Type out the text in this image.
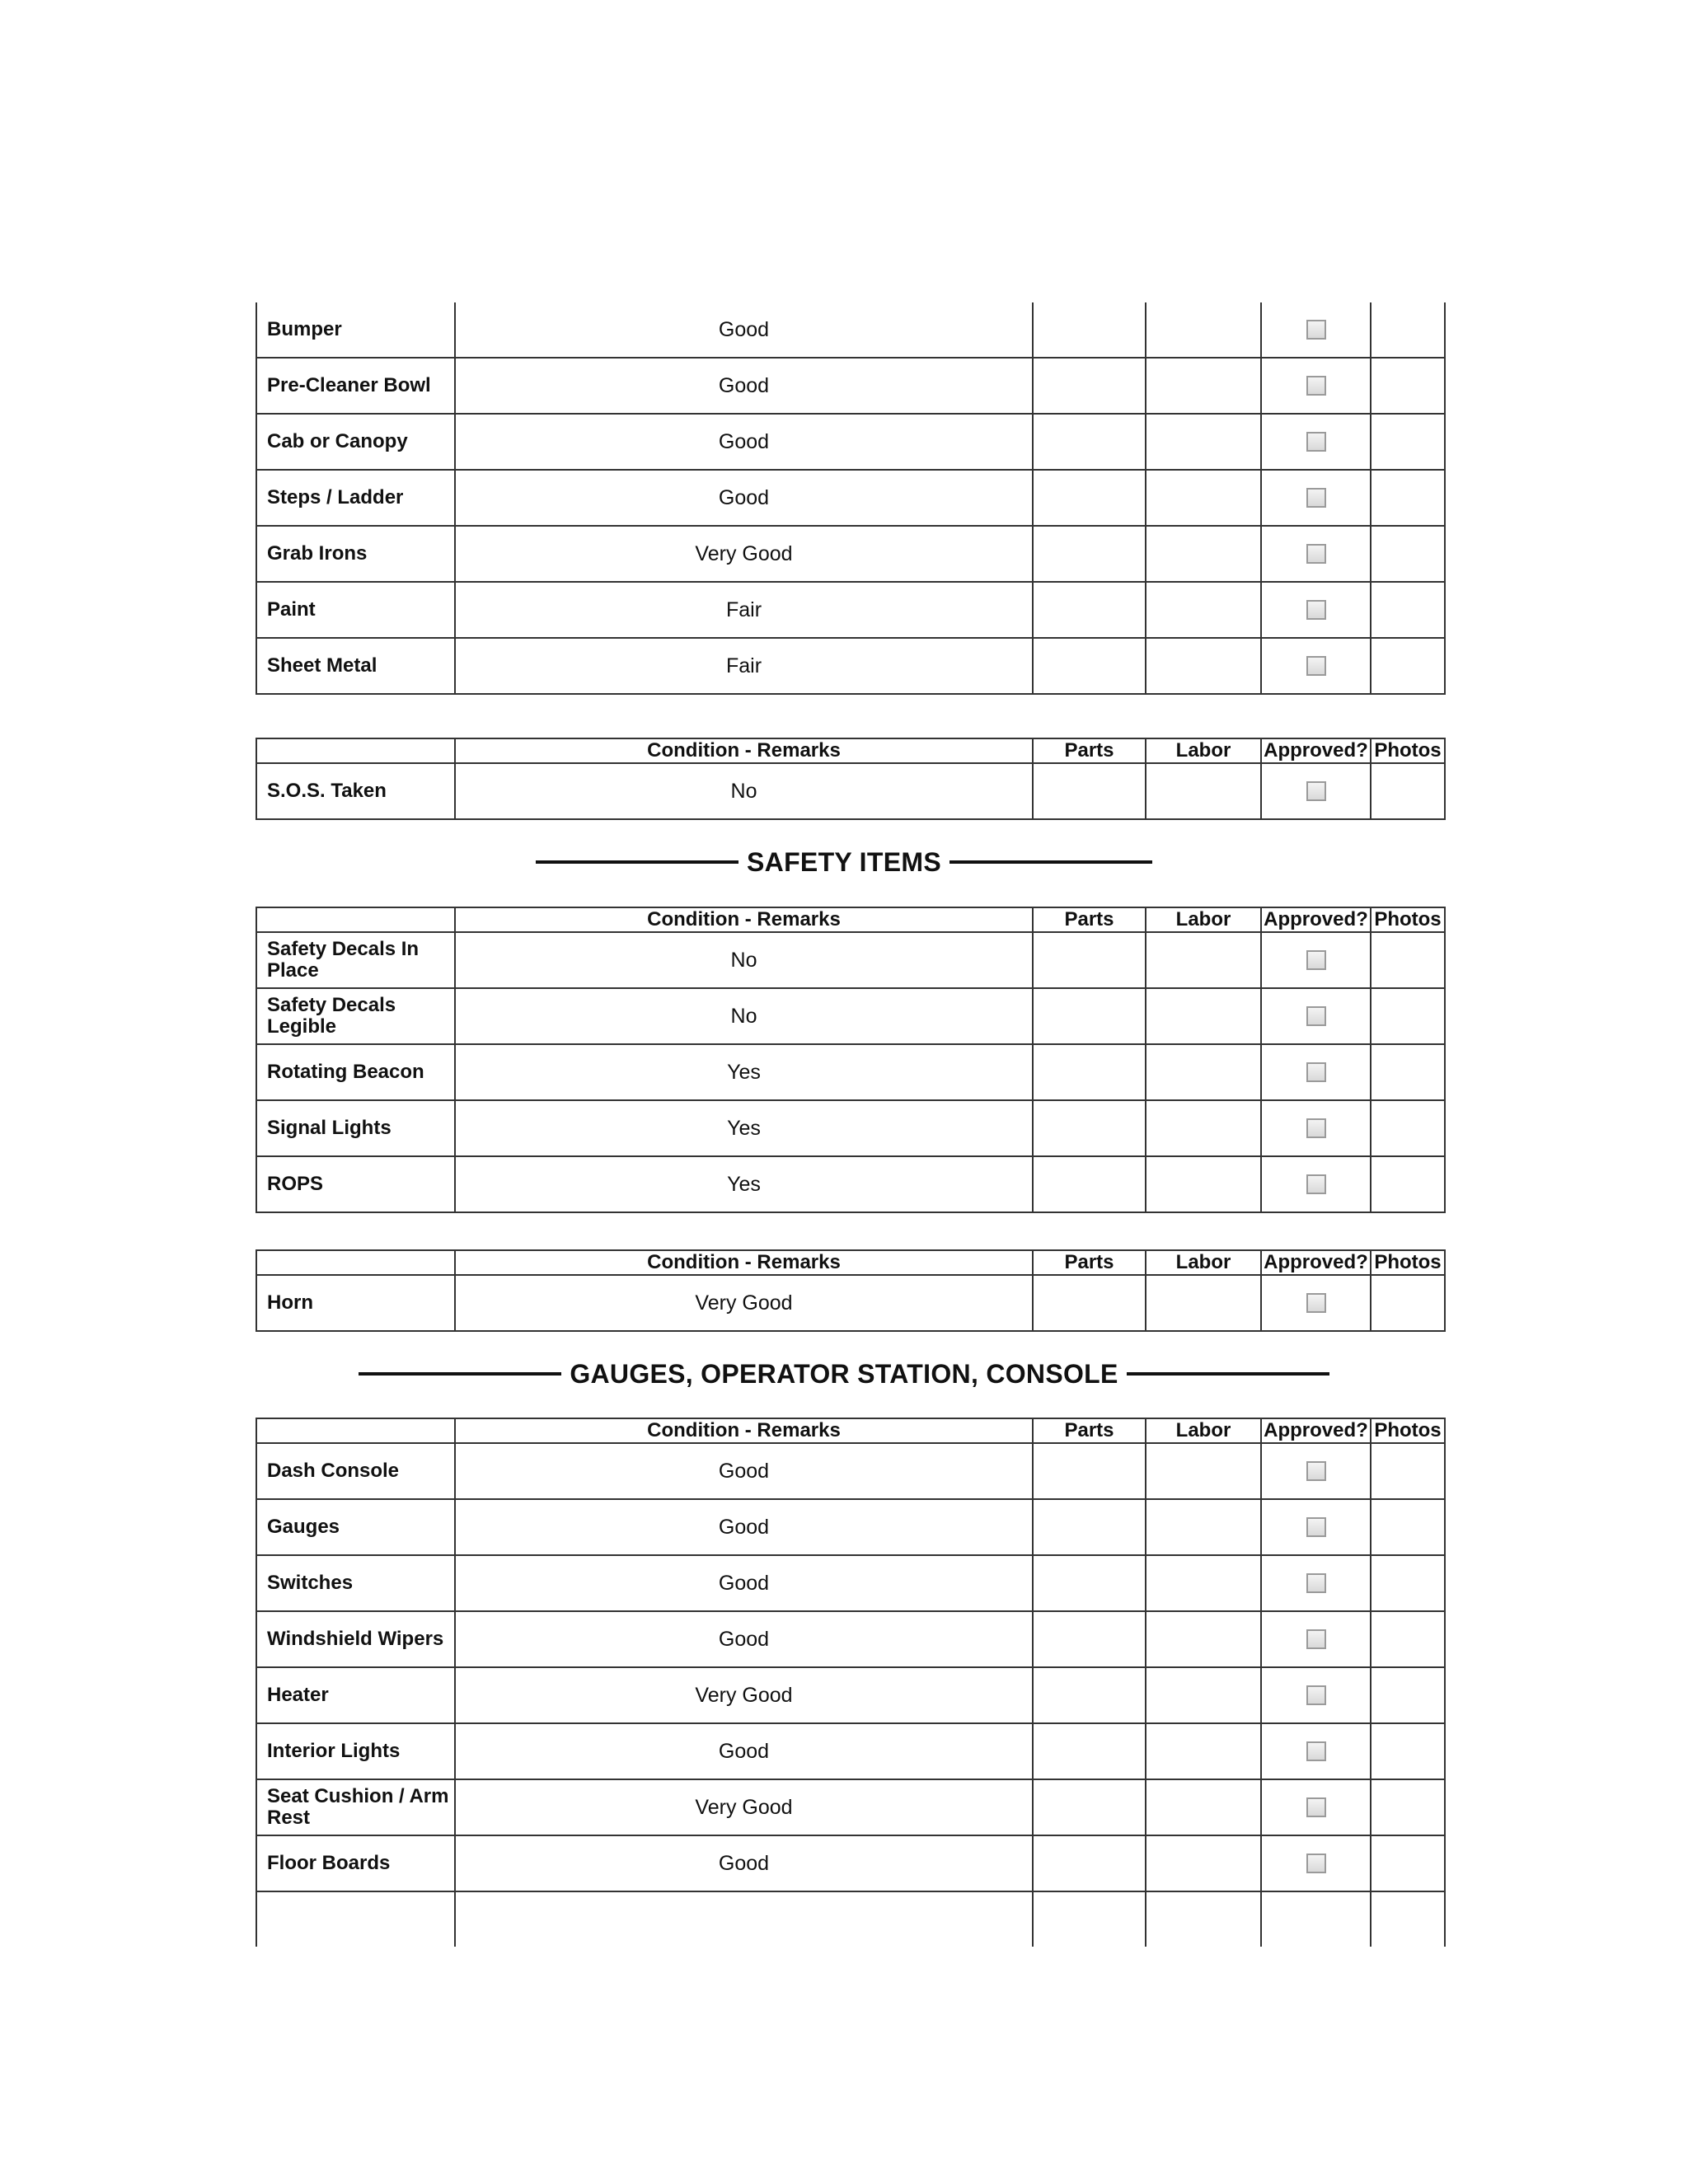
Bumper	Good				
Pre-Cleaner Bowl	Good				
Cab or Canopy	Good				
Steps / Ladder	Good				
Grab Irons	Very Good				
Paint	Fair				
Sheet Metal	Fair				
	Condition - Remarks	Parts	Labor	Approved?	Photos
S.O.S. Taken	No				
SAFETY ITEMS
	Condition - Remarks	Parts	Labor	Approved?	Photos
Safety Decals In Place	No				
Safety Decals Legible	No				
Rotating Beacon	Yes				
Signal Lights	Yes				
ROPS	Yes				
	Condition - Remarks	Parts	Labor	Approved?	Photos
Horn	Very Good				
GAUGES, OPERATOR STATION, CONSOLE
	Condition - Remarks	Parts	Labor	Approved?	Photos
Dash Console	Good				
Gauges	Good				
Switches	Good				
Windshield Wipers	Good				
Heater	Very Good				
Interior Lights	Good				
Seat Cushion / Arm Rest	Very Good				
Floor Boards	Good				
